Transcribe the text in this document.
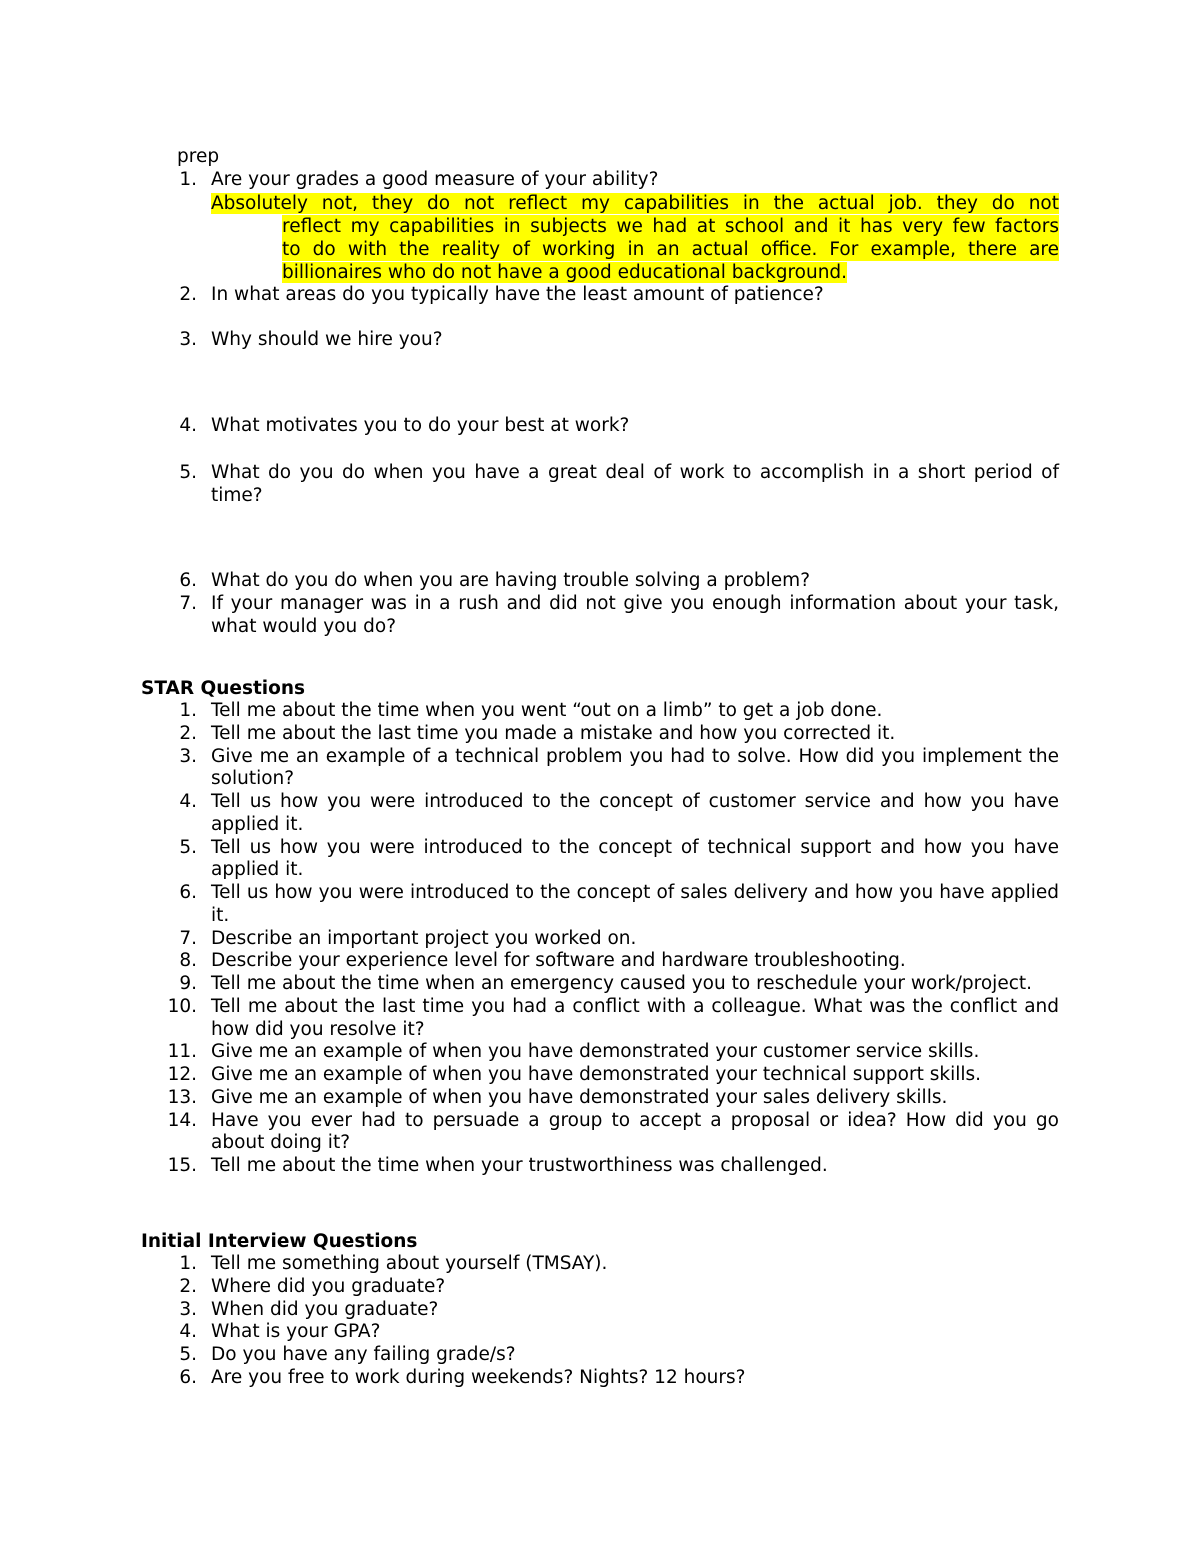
prep
1. Are your grades a good measure of your ability?
Absolutely not, they do not reflect my capabilities in the actual job. they do not
reflect my capabilities in subjects we had at school and it has very few factors
to do with the reality of working in an actual office. For example, there are
billionaires who do not have a good educational background.
2. In what areas do you typically have the least amount of patience?
3. Why should we hire you?
4. What motivates you to do your best at work?
5. What do you do when you have a great deal of work to accomplish in a short period of time?
6. What do you do when you are having trouble solving a problem?
7. If your manager was in a rush and did not give you enough information about your task, what would you do?
STAR Questions
1. Tell me about the time when you went “out on a limb” to get a job done.
2. Tell me about the last time you made a mistake and how you corrected it.
3. Give me an example of a technical problem you had to solve. How did you implement the solution?
4. Tell us how you were introduced to the concept of customer service and how you have applied it.
5. Tell us how you were introduced to the concept of technical support and how you have applied it.
6. Tell us how you were introduced to the concept of sales delivery and how you have applied it.
7. Describe an important project you worked on.
8. Describe your experience level for software and hardware troubleshooting.
9. Tell me about the time when an emergency caused you to reschedule your work/project.
10. Tell me about the last time you had a conflict with a colleague. What was the conflict and how did you resolve it?
11. Give me an example of when you have demonstrated your customer service skills.
12. Give me an example of when you have demonstrated your technical support skills.
13. Give me an example of when you have demonstrated your sales delivery skills.
14. Have you ever had to persuade a group to accept a proposal or idea? How did you go about doing it?
15. Tell me about the time when your trustworthiness was challenged.
Initial Interview Questions
1. Tell me something about yourself (TMSAY).
2. Where did you graduate?
3. When did you graduate?
4. What is your GPA?
5. Do you have any failing grade/s?
6. Are you free to work during weekends? Nights? 12 hours?
